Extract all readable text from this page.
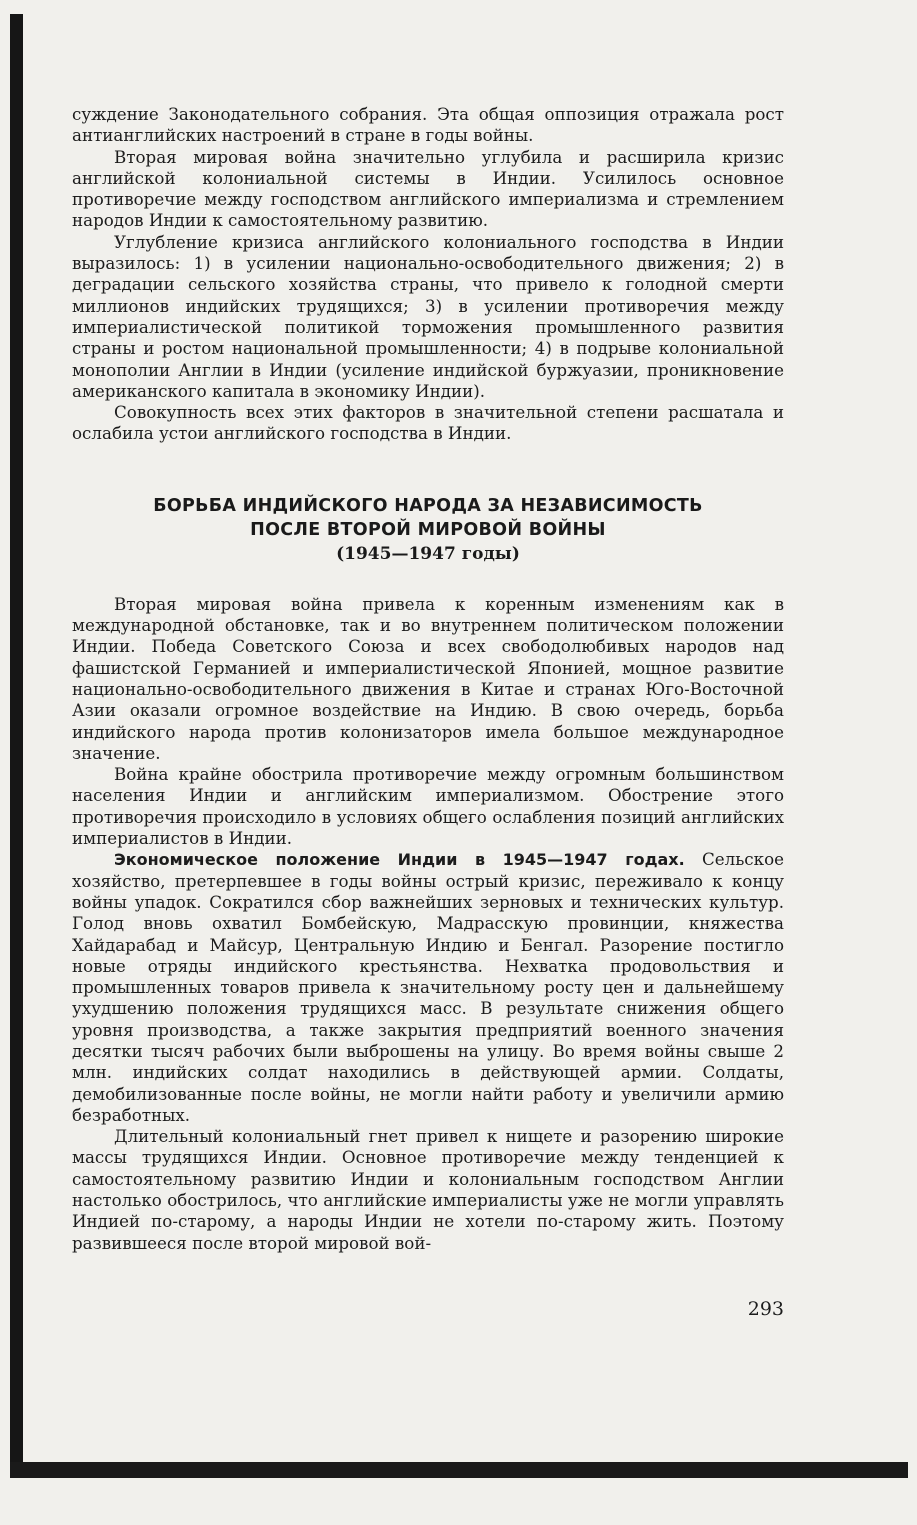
суждение Законодательного собрания. Эта общая оппозиция отражала рост антианглийских настроений в стране в годы войны.

Вторая мировая война значительно углубила и расширила кризис английской колониальной системы в Индии. Усилилось основное противоречие между господством английского империализма и стремлением народов Индии к самостоятельному развитию.

Углубление кризиса английского колониального господства в Индии выразилось: 1) в усилении национально-освободительного движения; 2) в деградации сельского хозяйства страны, что привело к голодной смерти миллионов индийских трудящихся; 3) в усилении противоречия между империалистической политикой торможения промышленного развития страны и ростом национальной промышленности; 4) в подрыве колониальной монополии Англии в Индии (усиление индийской буржуазии, проникновение американского капитала в экономику Индии).

Совокупность всех этих факторов в значительной степени расшатала и ослабила устои английского господства в Индии.

БОРЬБА ИНДИЙСКОГО НАРОДА ЗА НЕЗАВИСИМОСТЬ

ПОСЛЕ ВТОРОЙ МИРОВОЙ ВОЙНЫ

(1945—1947 годы)

Вторая мировая война привела к коренным изменениям как в международной обстановке, так и во внутреннем политическом положении Индии. Победа Советского Союза и всех свободолюбивых народов над фашистской Германией и империалистической Японией, мощное развитие национально-освободительного движения в Китае и странах Юго-Восточной Азии оказали огромное воздействие на Индию. В свою очередь, борьба индийского народа против колонизаторов имела большое международное значение.

Война крайне обострила противоречие между огромным большинством населения Индии и английским империализмом. Обострение этого противоречия происходило в условиях общего ослабления позиций английских империалистов в Индии.

Экономическое положение Индии в 1945—1947 годах. Сельское хозяйство, претерпевшее в годы войны острый кризис, переживало к концу войны упадок. Сократился сбор важнейших зерновых и технических культур. Голод вновь охватил Бомбейскую, Мадрасскую провинции, княжества Хайдарабад и Майсур, Центральную Индию и Бенгал. Разорение постигло новые отряды индийского крестьянства. Нехватка продовольствия и промышленных товаров привела к значительному росту цен и дальнейшему ухудшению положения трудящихся масс. В результате снижения общего уровня производства, а также закрытия предприятий военного значения десятки тысяч рабочих были выброшены на улицу. Во время войны свыше 2 млн. индийских солдат находились в действующей армии. Солдаты, демобилизованные после войны, не могли найти работу и увеличили армию безработных.

Длительный колониальный гнет привел к нищете и разорению широкие массы трудящихся Индии. Основное противоречие между тенденцией к самостоятельному развитию Индии и колониальным господством Англии настолько обострилось, что английские империалисты уже не могли управлять Индией по-старому, а народы Индии не хотели по-старому жить. Поэтому развившееся после второй мировой вой-

293
